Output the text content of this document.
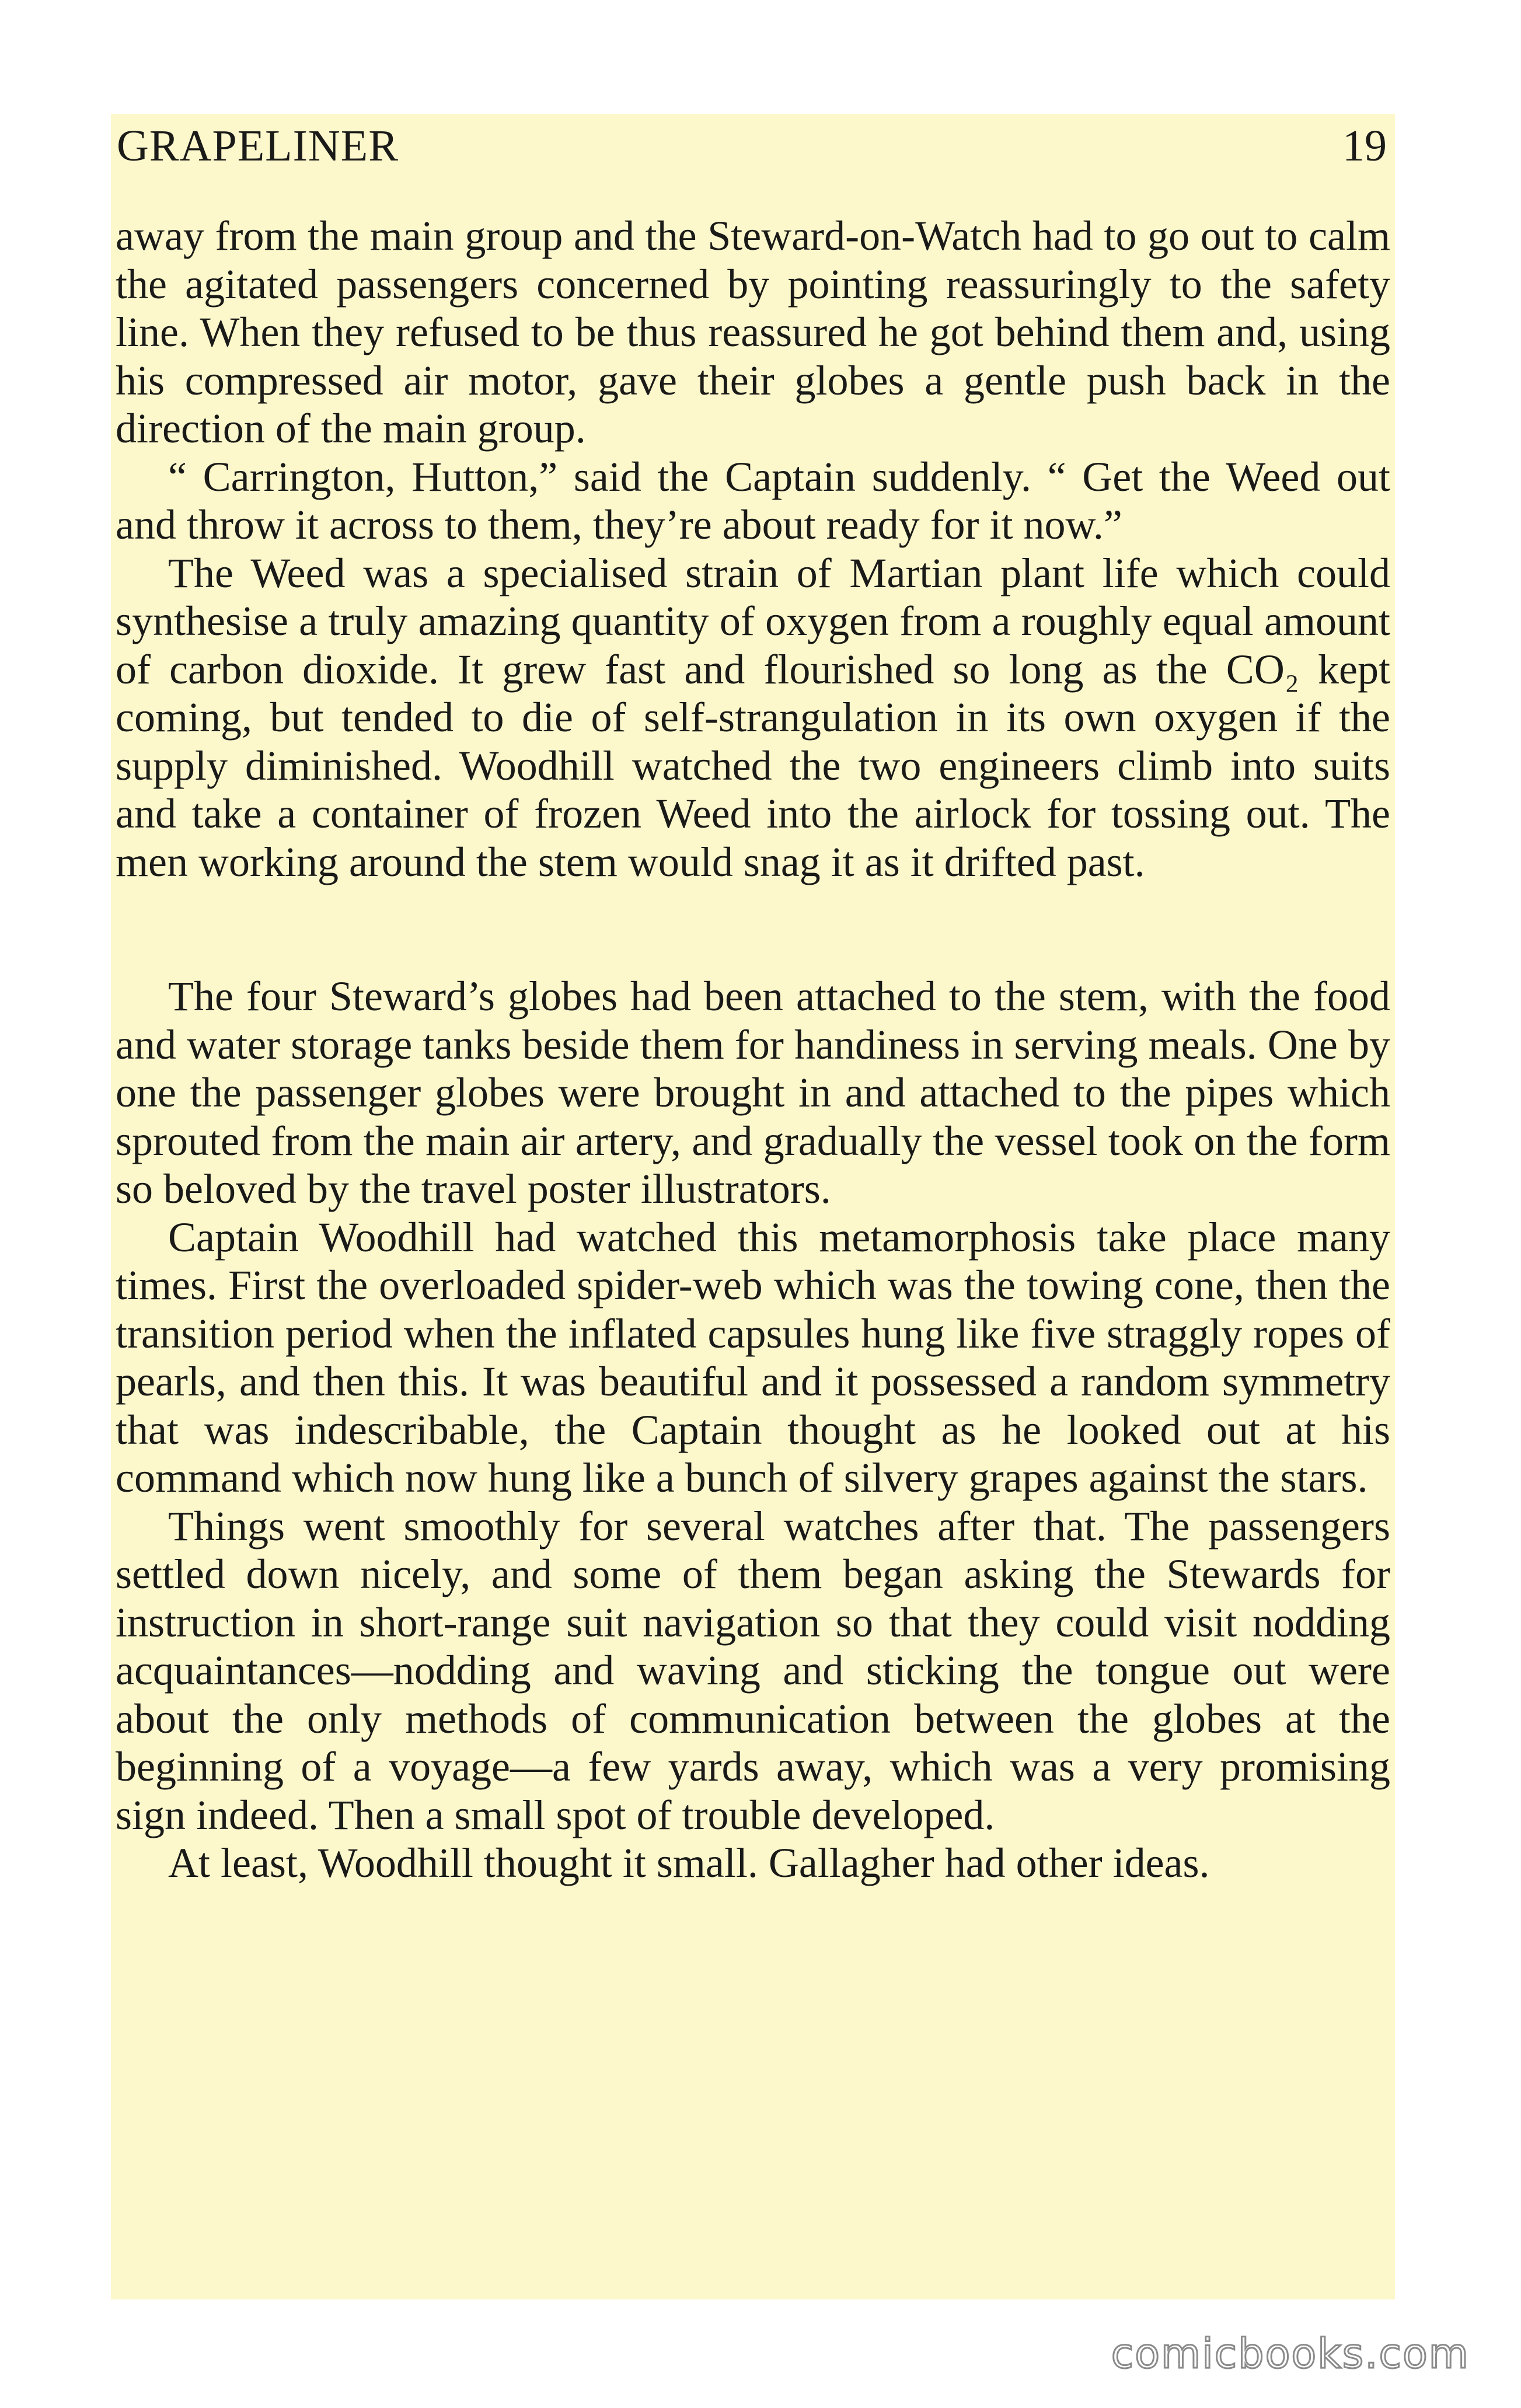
GRAPELINER	19

away from the main group and the Steward-on-Watch had to go out to calm the agitated passengers concerned by pointing reassuringly to the safety line. When they refused to be thus reassured he got behind them and, using his compressed air motor, gave their globes a gentle push back in the direction of the main group.

“ Carrington, Hutton,” said the Captain suddenly. “ Get the Weed out and throw it across to them, they’re about ready for it now.”

The Weed was a specialised strain of Martian plant life which could synthesise a truly amazing quantity of oxygen from a roughly equal amount of carbon dioxide. It grew fast and flourished so long as the CO₂ kept coming, but tended to die of self-strangulation in its own oxygen if the supply diminished. Woodhill watched the two engineers climb into suits and take a container of frozen Weed into the airlock for tossing out. The men working around the stem would snag it as it drifted past.

The four Steward’s globes had been attached to the stem, with the food and water storage tanks beside them for handiness in serving meals. One by one the passenger globes were brought in and attached to the pipes which sprouted from the main air artery, and gradually the vessel took on the form so beloved by the travel poster illustrators.

Captain Woodhill had watched this metamorphosis take place many times. First the overloaded spider-web which was the towing cone, then the transition period when the inflated capsules hung like five straggly ropes of pearls, and then this. It was beautiful and it possessed a random symmetry that was indescribable, the Captain thought as he looked out at his command which now hung like a bunch of silvery grapes against the stars.

Things went smoothly for several watches after that. The passengers settled down nicely, and some of them began asking the Stewards for instruction in short-range suit navigation so that they could visit nodding acquaintances—nodding and waving and sticking the tongue out were about the only methods of communication between the globes at the beginning of a voyage—a few yards away, which was a very promising sign indeed. Then a small spot of trouble developed.

At least, Woodhill thought it small. Gallagher had other ideas.

comicbooks.com
